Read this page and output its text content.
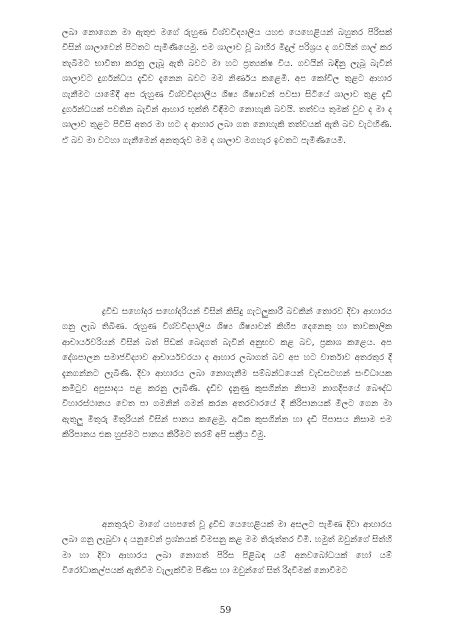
ලබා නොගෙන මා ඇතුළු මගේ රුහුණ විශ්වවිද්‍යාලීය යහළු යෙහෙළියන් බහුතර පිරිසක් විසින් ශාලාවෙන් පිටතට පැමිණියෙමු. එම ශාලාව වූ බාහිර මිදුල් පරිශ්‍රය ද ගවයින් ගාල් කර තැබීමට භාවිතා කරනු ලැබූ ඇති බවට මා හට ප්‍රත්‍යක්ෂ විය. ගවයින් බඳිනු ලැබූ බැවින් ශාලාවට දුර්ගන්ධය දැඩිව දැනෙන බවට මම නිර්ණය කළෙමි. අප කෝවිල තුළට ආහාර ගැනීමට යාමේදී අප රුහුණ විශ්වවිද්‍යාලීය ශිෂ්‍ය ශිෂ්‍යාවන් පවසා සිටියේ ශාලාව තුළ දැඩි දුර්ගන්ධයක් පවතින බැවින් ආහාර භුක්ති විඳීමට නොහැකි බවයි. තත්වය තුමක් වුව ද මා ද ශාලාව තුළට පිවිසි අතර මා හට ද ආහාර ලබා ගත නොහැකි තත්වයක් ඇති බව වැටහිණි. ඒ බව මා වටහා ගැනීමෙන් අනතුරුව මම ද ශාලාව මගහැර ඉවතට පැමිණියෙමි.

ද්‍රවිඩ සහෝදර සහෝදරියන් විසින් කිසිදු ගැටලුකාරී බවකින් තොරව දිවා ආහාරය ගනු ලැබ තිබිණ. රුහුණ විශ්වවිද්‍යාලීය ශිෂ්‍ය ශිෂ්‍යාවන් කිහිප දෙනෙකු හා තාවකාලික ආචාර්යවරියන් විසින් බත් පිඩක් බෙදාගත් බැවින් අනුභව කළ බව, ප්‍රකාශ කළෙය. අප දේශපාලන සමාජවිද්‍යාව ආචාර්යවරයා ද ආහාර ලබාගත් බව අප හට වාර්තාව අතරතුර දී දැනගන්නට ලැබිණි. දිවා ආහාරය ලබා නොගැනීම සම්බන්ධයෙන් වැඩසටහන් සංවිධායක කමිටුව අපුසාදය පළ කරනු ලැබිණි. දැඩිව දැනුණු කුසගින්න නිසාම නාගදීපයේ බෞද්ධ විහාරස්ථානය වෙත පා ගමනින් ගමන් කරන අතරවාරයේ දී කිරිපානයක් මිලට ගෙන මා ඇතුලු මිතුරු මිතුරියන් විසින් පානය කළෙමු. අධික කුසගින්න හා දැඩි පිපාසය නිසාම එම කිරිපානය එක හුස්මට පානය කිරීමට තරම් අපි සක්‍රීය වීමු.

අනතුරුව මාගේ යහපතේ වූ ද්‍රවිඩ යෙහෙළියක් මා අසලට පැමිණ දිවා ආහාරය ලබා ගනු ලැබුවා ද යනුවෙන් ප්‍රශ්නයක් විමසනු කළ මම තිරුත්තර වීමි. හමුත් ඔවුන්ගේ සිත්හි මා හා දිවා ආහාරය ලබා නොගත් පිරිස පිළිබඳ යම් අනවබෝධයක් හෝ යම් විරෝධාකල්පයක් ඇතිවීම වැලැක්වීම පිණිස හා ඔවුන්ගේ සිත් රිදවීමක් නොවීමට

59
